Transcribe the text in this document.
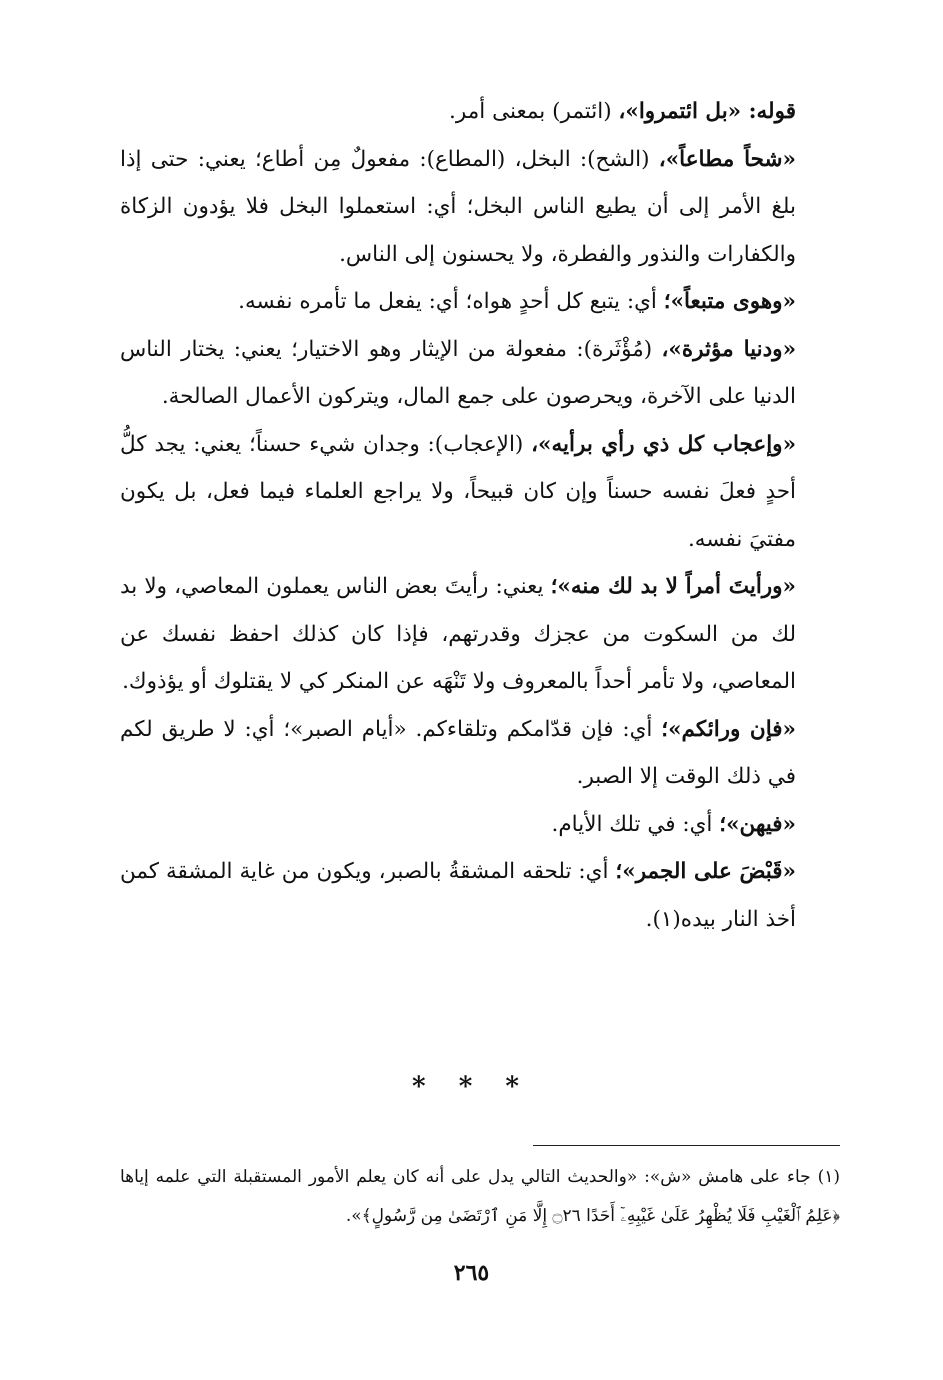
قوله: «بل ائتمروا»، (ائتمر) بمعنى أمر.

«شحاً مطاعاً»، (الشح): البخل، (المطاع): مفعولٌ مِن أطاع؛ يعني: حتى إذا بلغ الأمر إلى أن يطيع الناس البخل؛ أي: استعملوا البخل فلا يؤدون الزكاة والكفارات والنذور والفطرة، ولا يحسنون إلى الناس.

«وهوى متبعاً»؛ أي: يتبع كل أحدٍ هواه؛ أي: يفعل ما تأمره نفسه.

«ودنيا مؤثرة»، (مُؤْثَرة): مفعولة من الإيثار وهو الاختيار؛ يعني: يختار الناس الدنيا على الآخرة، ويحرصون على جمع المال، ويتركون الأعمال الصالحة.

«وإعجاب كل ذي رأي برأيه»، (الإعجاب): وجدان شيء حسناً؛ يعني: يجد كلُّ أحدٍ فعلَ نفسه حسناً وإن كان قبيحاً، ولا يراجع العلماء فيما فعل، بل يكون مفتيَ نفسه.

«ورأيتَ أمراً لا بد لك منه»؛ يعني: رأيتَ بعض الناس يعملون المعاصي، ولا بد لك من السكوت من عجزك وقدرتهم، فإذا كان كذلك احفظ نفسك عن المعاصي، ولا تأمر أحداً بالمعروف ولا تَنْهَه عن المنكر كي لا يقتلوك أو يؤذوك.

«فإن ورائكم»؛ أي: فإن قدّامكم وتلقاءكم. «أيام الصبر»؛ أي: لا طريق لكم في ذلك الوقت إلا الصبر.

«فيهن»؛ أي: في تلك الأيام.

«قَبْضَ على الجمر»؛ أي: تلحقه المشقةُ بالصبر، ويكون من غاية المشقة كمن أخذ النار بيده(١).

* * *
(١) جاء على هامش «ش»: «والحديث التالي يدل على أنه كان يعلم الأمور المستقبلة التي علمه إياها ﴿عَلِمُ ٱلْغَيْبِ فَلَا يُظْهِرُ عَلَىٰ غَيْبِهِۦٓ أَحَدًا ۝٢٦ إِلَّا مَنِ ٱرْتَضَىٰ مِن رَّسُولٍ﴾».
٢٦٥
